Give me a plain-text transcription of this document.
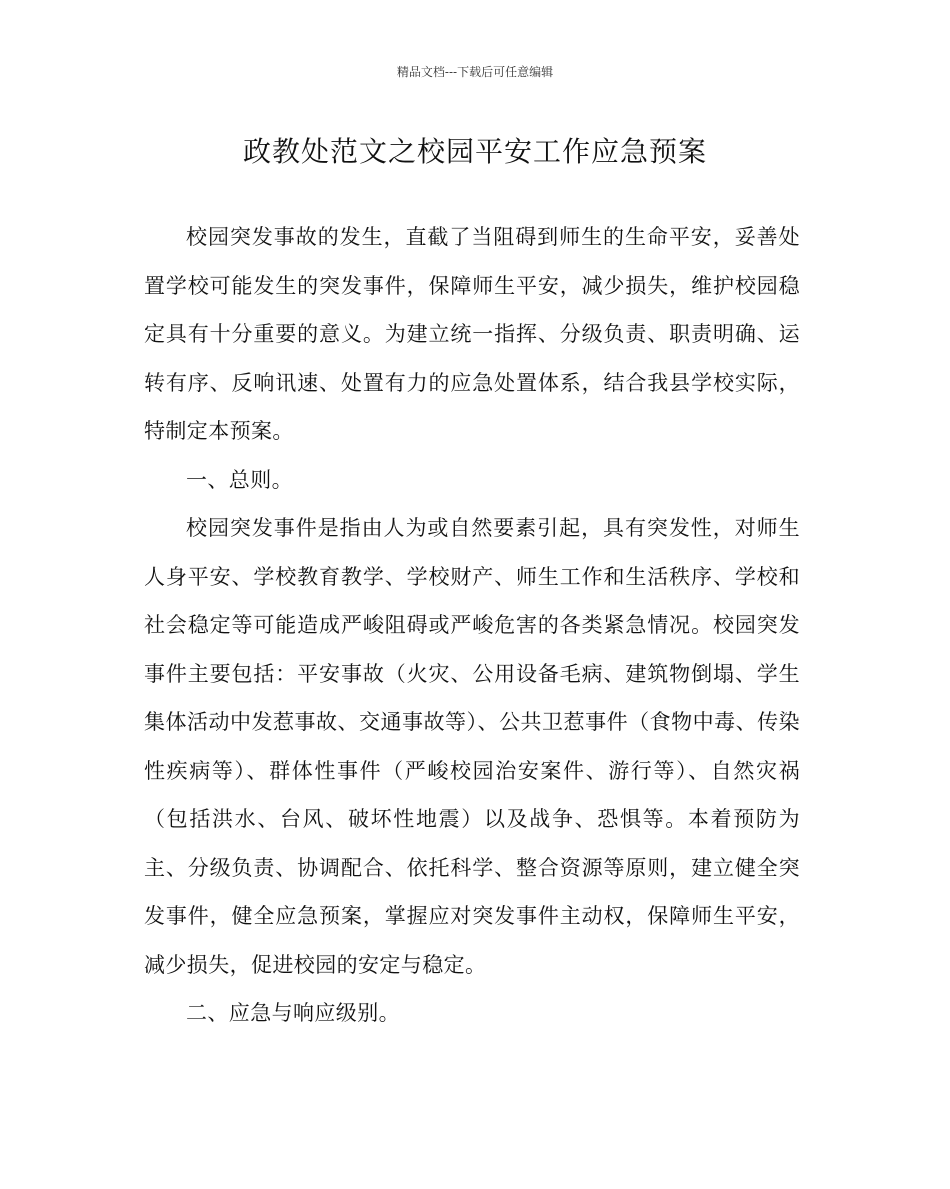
精品文档---下载后可任意编辑
政教处范文之校园平安工作应急预案

校园突发事故的发生，直截了当阻碍到师生的生命平安，妥善处置学校可能发生的突发事件，保障师生平安，减少损失，维护校园稳定具有十分重要的意义。为建立统一指挥、分级负责、职责明确、运转有序、反响讯速、处置有力的应急处置体系，结合我县学校实际，特制定本预案。

一、总则。

校园突发事件是指由人为或自然要素引起，具有突发性，对师生人身平安、学校教育教学、学校财产、师生工作和生活秩序、学校和社会稳定等可能造成严峻阻碍或严峻危害的各类紧急情况。校园突发事件主要包括：平安事故（火灾、公用设备毛病、建筑物倒塌、学生集体活动中发惹事故、交通事故等）、公共卫惹事件（食物中毒、传染性疾病等）、群体性事件（严峻校园治安案件、游行等）、自然灾祸（包括洪水、台风、破坏性地震）以及战争、恐惧等。本着预防为主、分级负责、协调配合、依托科学、整合资源等原则，建立健全突发事件，健全应急预案，掌握应对突发事件主动权，保障师生平安，减少损失，促进校园的安定与稳定。

二、应急与响应级别。
